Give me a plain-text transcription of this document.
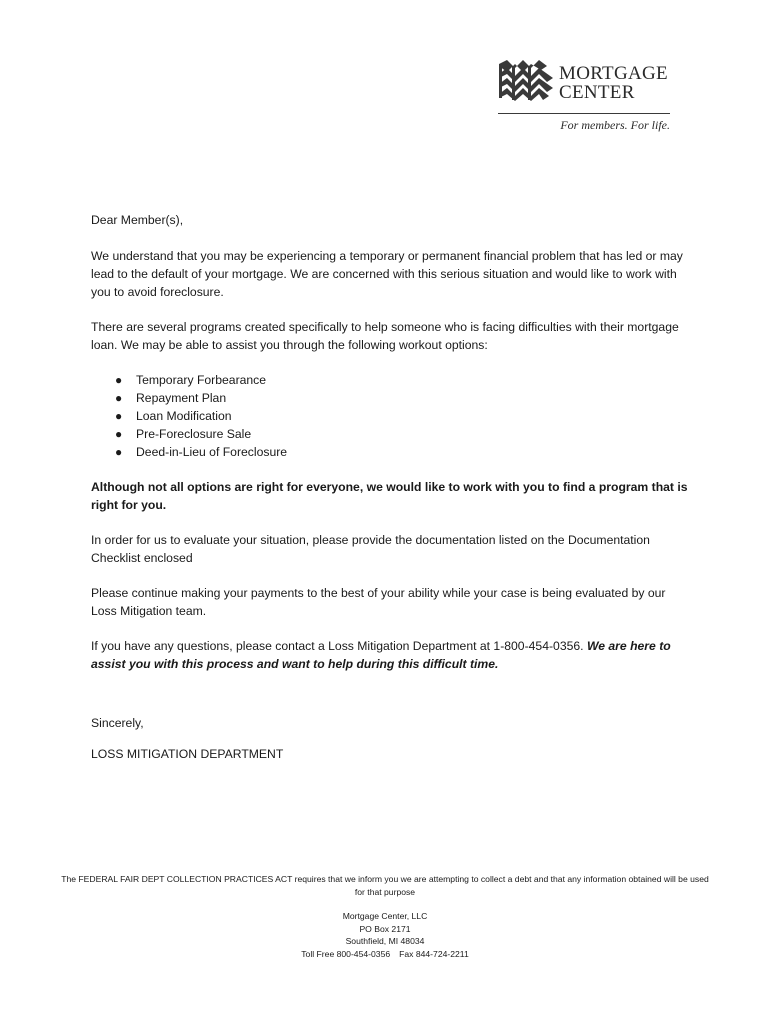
MORTGAGE
CENTER
For members. For life.

Dear Member(s),

We understand that you may be experiencing a temporary or permanent financial problem that has led or may lead to the default of your mortgage. We are concerned with this serious situation and would like to work with you to avoid foreclosure.

There are several programs created specifically to help someone who is facing difficulties with their mortgage loan. We may be able to assist you through the following workout options:

● Temporary Forbearance
● Repayment Plan
● Loan Modification
● Pre-Foreclosure Sale
● Deed-in-Lieu of Foreclosure

Although not all options are right for everyone, we would like to work with you to find a program that is right for you.

In order for us to evaluate your situation, please provide the documentation listed on the Documentation Checklist enclosed

Please continue making your payments to the best of your ability while your case is being evaluated by our Loss Mitigation team.

If you have any questions, please contact a Loss Mitigation Department at 1-800-454-0356. We are here to assist you with this process and want to help during this difficult time.

Sincerely,

LOSS MITIGATION DEPARTMENT

The FEDERAL FAIR DEPT COLLECTION PRACTICES ACT requires that we inform you we are attempting to collect a debt and that any information obtained will be used for that purpose
Mortgage Center, LLC
PO Box 2171
Southfield, MI 48034
Toll Free 800-454-0356 Fax 844-724-2211
